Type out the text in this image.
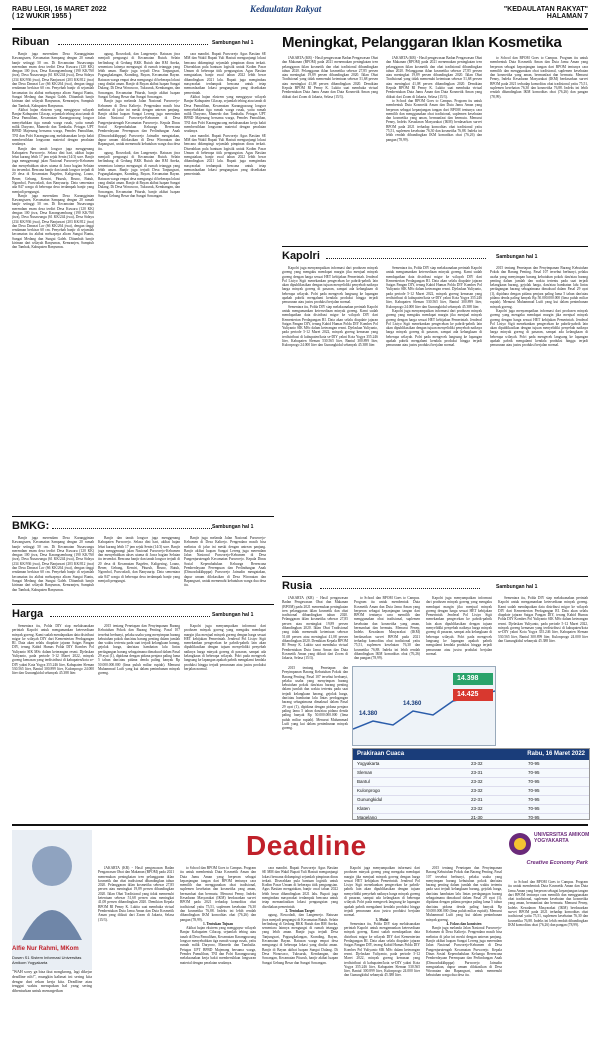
RABU LEGI, 16 MARET 2022
( 12 WUKIR 1955 )
Kedaulatan Rakyat	"KEDAULATAN RAKYAT"
HALAMAN 7
Ribuan	Sambungan hal 1

Banjir juga merendam Desa Karanggintan Kawangsaen, Kecamatan Sampang dengan 20 rumah banjir setinggi 50 cm. Di Kecamatan Nusawungu merendam enam desa terdiri Desa Kuwaru (120 KK) dengan 100 jiwa, Desa Karangsembung (190 KK/760 jiwa), Desa Nusawungu (61 KK/244 jiwa), Desa Sidayu (234 KK/936 jiwa), Desa Banjarsari (203 KK/812 jiwa) dan Desa Danasri Lor (66 KK/264 jiwa), dengan tinggi rendaman berkisar 60 cm. Penyebab banjir di sejumlah kecamatan itu akibat meluapnya aliran Sungai Buntu, Sungai Medang dan Sungai Galeh. Ditambah banjir kiriman dari wilayah Banyumas, Kemranjen, Sumpiuh dan Tambak, Kabupaten Banyumas.

Akibat hujan ekstrem yang mengguyur wilayah Banjar Kabupaten Cilacap, sejumlah tebing atau tanah di Desa Pamulihan, Kecamatan Karangpucung longsor menyebabkan tiga rumah warga rusak, yaitu rumah milik Daryono, Mamedo dan Tamhalia. Petugas UPT BPBD Majenang bersama warga, Pemdes Pamulihan, TNI dan Polri Karangpucung melaksanakan kerja bakti membersihkan longsoran material dengan peralatan seadanya.

Banjir dan tanah longsor juga menggenang Kabupaten Purworejo. Selasa dini hari, akibat hujan lebat kurang lebih 17 jam sejak Senin (14/3) sore. Banjir juga menggenangi jalan Nasional Purworejo-Kebumen dan menyebabkan akses utama di Jawa bagian Selatan itu tersendat. Bencana banjir dan tanah longsor terjadi di 20 desa di Kecamatan Bagelen, Kaligesing, Loano, Bener, Gebang, Kemiri, Pituruh, Bruno, Butuh, Ngombol, Purwodadi, dan Banyuurip. Data sementara ada 847 warga di beberapa desa terdampak banjir yang menjadi pengungsi.

Banjir juga merendam Desa Karanggintan Kawangsaen, Kecamatan Sampang dengan 20 rumah banjir setinggi 50 cm. Di Kecamatan Nusawungu merendam enam desa terdiri Desa Kuwaru (120 KK) dengan 100 jiwa, Desa Karangsembung (190 KK/760 jiwa), Desa Nusawungu (61 KK/244 jiwa), Desa Sidayu (234 KK/936 jiwa), Desa Banjarsari (203 KK/812 jiwa) dan Desa Danasri Lor (66 KK/264 jiwa), dengan tinggi rendaman berkisar 60 cm. Penyebab banjir di sejumlah kecamatan itu akibat meluapnya aliran Sungai Buntu, Sungai Medang dan Sungai Galeh. Ditambah banjir kiriman dari wilayah Banyumas, Kemranjen, Sumpiuh dan Tambak, Kabupaten Banyumas.

agung, Rowodadi, dan Langenrejo. Ratusan jiwa menjadi pengungsi di Kecamatan Butuh. Selain berlindung di Gedung BKK Butuh dan RM Aneka, sementara lainnya mengungsi di rumah tetangga yang lebih aman. Banjir juga terjadi Desa Tanjungsari, Pogungkalangan, Kranding, Bayan, Kecamatan Bayan. Ratusan warga empat desa mengungsi di beberapa lokasi yang dinilai aman. Banjir di Bayan akibat luapan Sungai Dulang. Di Desa Wonosoco, Tuksuruk, Kembangan, dan Sawangan, Kecamatan Pituruh, banjir akibat luapan Sungai Gebang Besar dan Sungai Sawangan.

Banjir juga melanda Jalan Nasional Purworejo-Kebumen di Desa Kalirejo. Pengendara masih bisa melintas di jalur ini meski dengan antrean panjang. Banjir akibat luapan Sungai Lereng juga merendam Jalan Nasional Purworejo-Kebumen di Desa Pangenjurutengah Kecamatan Purworejo. Kepala Dinas Sosial Kependudukan Keluarga Berencana Pemberdayaan Perempuan dan Perlindungan Anak (Dinsosdukkbpppa) Purworejo Jainudin mengatakan, dapur umum dilokasikan di Desa Wironatan dan Bapangsari, untuk memenuhi kebutuhan warga dua desa itu.

agung, Rowodadi, dan Langenrejo. Ratusan jiwa menjadi pengungsi di Kecamatan Butuh. Selain berlindung di Gedung BKK Butuh dan RM Aneka, sementara lainnya mengungsi di rumah tetangga yang lebih aman. Banjir juga terjadi Desa Tanjungsari, Pogungkalangan, Kranding, Bayan, Kecamatan Bayan. Ratusan warga empat desa mengungsi di beberapa lokasi yang dinilai aman. Banjir di Bayan akibat luapan Sungai Dulang. Di Desa Wonosoco, Tuksuruk, Kembangan, dan Sawangan, Kecamatan Pituruh, banjir akibat luapan Sungai Gebang Besar dan Sungai Sawangan.

cara mandiri. Bupati Purworejo Agus Bastian SE MM dan Wakil Bupati Yuli Hastuti mengunjungi lokasi bencana didampingi sejumlah pimpinan dinas terkait. Diserahkan pula bantuan logistik untuk Kodim Pasar Umum di beberapa titik pengungsian. Agus Bastian mengatakan, banjir awal tahun 2022 lebih besar dibandingkan 2021 lalu. Bupati juga mengimbau masyarakat terdampak bencana untuk tetap memanfaatkan lokasi pengungsian yang disediakan pemerintah.

Akibat hujan ekstrem yang mengguyur wilayah Banjar Kabupaten Cilacap, sejumlah tebing atau tanah di Desa Pamulihan, Kecamatan Karangpucung longsor menyebabkan tiga rumah warga rusak, yaitu rumah milik Daryono, Mamedo dan Tamhalia. Petugas UPT BPBD Majenang bersama warga, Pemdes Pamulihan, TNI dan Polri Karangpucung melaksanakan kerja bakti membersihkan longsoran material dengan peralatan seadanya.

cara mandiri. Bupati Purworejo Agus Bastian SE MM dan Wakil Bupati Yuli Hastuti mengunjungi lokasi bencana didampingi sejumlah pimpinan dinas terkait. Diserahkan pula bantuan logistik untuk Kodim Pasar Umum di beberapa titik pengungsian. Agus Bastian mengatakan, banjir awal tahun 2022 lebih besar dibandingkan 2021 lalu. Bupati juga mengimbau masyarakat terdampak bencana untuk tetap memanfaatkan lokasi pengungsian yang disediakan pemerintah.

Meningkat, Pelanggaran Iklan Kosmetika

JAKARTA (KR) - Hasil pengawasan Badan Pengawasan Obat dan Makanan (BPOM) pada 2021 menemukan peningkatan tren pelanggaran iklan kosmetik dan obat tradisional dibandingkan tahun 2020. Pelanggaran iklan kosmetika sebesar 27,85 persen atau meningkat 19,89 persen dibandingkan 2020. Iklan Obat Tradisional yang tidak memenuhi ketentuan sebesar 51,68 persen atau meningkat 41,08 persen dibandingkan 2020. Demikian Kepala BPOM RI Penny K. Lukito saat membuka virtual Pembentukan Duta Jamu Aman dan Duta Kosmetik Aman yang diikuti dari Zoom di Jakarta, Selasa (15/3).

JAKARTA (KR) - Hasil pengawasan Badan Pengawasan Obat dan Makanan (BPOM) pada 2021 menemukan peningkatan tren pelanggaran iklan kosmetik dan obat tradisional dibandingkan tahun 2020. Pelanggaran iklan kosmetika sebesar 27,85 persen atau meningkat 19,89 persen dibandingkan 2020. Iklan Obat Tradisional yang tidak memenuhi ketentuan sebesar 51,68 persen atau meningkat 41,08 persen dibandingkan 2020. Demikian Kepala BPOM RI Penny K. Lukito saat membuka virtual Pembentukan Duta Jamu Aman dan Duta Kosmetik Aman yang diikuti dari Zoom di Jakarta, Selasa (15/3).

to School dan BPOM Goes to Campus. Program itu untuk membentuk Duta Kosmetik Aman dan Duta Jamu Aman yang berperan sebagai kepanjangan tangan dari BPOM tentunya cara memilih dan menggunakan obat tradisional, suplemen kesehatan dan kosmetika yang aman, bermanfaat dan bermutu. Menurut Penny, Indeks Kesadaran Masyarakat (IKM) berdasarkan survei BPOM pada 2021 terhadap komoditas obat tradisional yaitu 75,51, suplemen kesehatan 76,30 dan kosmetika 76,88. Indeks ini lebih rendah dibandingkan IKM komoditas obat (76,26) dan pangan (78,99).

to School dan BPOM Goes to Campus. Program itu untuk membentuk Duta Kosmetik Aman dan Duta Jamu Aman yang berperan sebagai kepanjangan tangan dari BPOM tentunya cara memilih dan menggunakan obat tradisional, suplemen kesehatan dan kosmetika yang aman, bermanfaat dan bermutu. Menurut Penny, Indeks Kesadaran Masyarakat (IKM) berdasarkan survei BPOM pada 2021 terhadap komoditas obat tradisional yaitu 75,51, suplemen kesehatan 76,30 dan kosmetika 76,88. Indeks ini lebih rendah dibandingkan IKM komoditas obat (76,26) dan pangan (78,99).

Kapolri	Sambungan hal 1

Kapolri juga menyampaikan informasi dari produsen minyak goreng yang mengaku mendapat margin jika menjual minyak goreng dengan harga sesuai HET kebijakan Pemerintah. Jenderal Pol Listyo Sigit menekankan pengecekan ke pabrik-pabrik lain akan dipublikasikan dengan tujuan menyelidiki penyebab naiknya harga minyak goreng di pasaran, sampai ada kelangkaan di beberapa wilayah. Polri pada mengecek langsung ke lapangan apakah pabrik mengalami kendala produksi hingga terjadi penurunan atau justru produksi berjalan normal.

Sementara itu, Polda DIY siap melaksanakan perintah Kapolri untuk mengamankan ketersediaan minyak goreng. Kami sudah mendapatkan data distribusi migor ke wilayah DIY dari Kementerian Perdagangan RI. Data akan selalu diupdate jajaran Satgas Pangan DIY, terang Kabid Humas Polda DIY Kombes Pol Yuliyanto SIK MSc dalam keterangan resmi. Djelaskan Yuliyanto, pada periode 5-12 Maret 2022, minyak goreng kemasan yang terdistribusi di kabupaten/kota se-DIY yakni Kota Yogya 355.246 liter, Kabupaten Sleman 530.565 liter, Bantul 300.899 liter, Kulonprogo 24.000 liter dan Gunungkidul sebanyak 45.388 liter.

Sementara itu, Polda DIY siap melaksanakan perintah Kapolri untuk mengamankan ketersediaan minyak goreng. Kami sudah mendapatkan data distribusi migor ke wilayah DIY dari Kementerian Perdagangan RI. Data akan selalu diupdate jajaran Satgas Pangan DIY, terang Kabid Humas Polda DIY Kombes Pol Yuliyanto SIK MSc dalam keterangan resmi. Djelaskan Yuliyanto, pada periode 5-12 Maret 2022, minyak goreng kemasan yang terdistribusi di kabupaten/kota se-DIY yakni Kota Yogya 355.246 liter, Kabupaten Sleman 530.565 liter, Bantul 300.899 liter, Kulonprogo 24.000 liter dan Gunungkidul sebanyak 45.388 liter.

Kapolri juga menyampaikan informasi dari produsen minyak goreng yang mengaku mendapat margin jika menjual minyak goreng dengan harga sesuai HET kebijakan Pemerintah. Jenderal Pol Listyo Sigit menekankan pengecekan ke pabrik-pabrik lain akan dipublikasikan dengan tujuan menyelidiki penyebab naiknya harga minyak goreng di pasaran, sampai ada kelangkaan di beberapa wilayah. Polri pada mengecek langsung ke lapangan apakah pabrik mengalami kendala produksi hingga terjadi penurunan atau justru produksi berjalan normal.

2015 tentang Penetapan dan Penyimpanan Barang Kebutuhan Pokok dan Barang Penting. Pasal 107 tersebut berbunyi, pelaku usaha yang menyimpan barang kebutuhan pokok dan/atau barang penting dalam jumlah dan waktu tertentu pada saat terjadi kelangkaan barang, gejolak harga, dan/atau hambatan lalu lintas perdagangan barang sebagaimana dimaksud dalam Pasal 29 ayat (1), dipidana dengan pidana penjara paling lama 5 tahun dan/atau pidana denda paling banyak Rp 50.000.000.000 (lima puluh miliar rupiah). Menurut Muhammad Lutfi yang kui dalam penimbunan minyak goreng.

Kapolri juga menyampaikan informasi dari produsen minyak goreng yang mengaku mendapat margin jika menjual minyak goreng dengan harga sesuai HET kebijakan Pemerintah. Jenderal Pol Listyo Sigit menekankan pengecekan ke pabrik-pabrik lain akan dipublikasikan dengan tujuan menyelidiki penyebab naiknya harga minyak goreng di pasaran, sampai ada kelangkaan di beberapa wilayah. Polri pada mengecek langsung ke lapangan apakah pabrik mengalami kendala produksi hingga terjadi penurunan atau justru produksi berjalan normal.

BMKG:	Sambungan hal 1

Banjir juga merendam Desa Karanggintan Kawangsaen, Kecamatan Sampang dengan 20 rumah banjir setinggi 50 cm. Di Kecamatan Nusawungu merendam enam desa terdiri Desa Kuwaru (120 KK) dengan 100 jiwa, Desa Karangsembung (190 KK/760 jiwa), Desa Nusawungu (61 KK/244 jiwa), Desa Sidayu (234 KK/936 jiwa), Desa Banjarsari (203 KK/812 jiwa) dan Desa Danasri Lor (66 KK/264 jiwa), dengan tinggi rendaman berkisar 60 cm. Penyebab banjir di sejumlah kecamatan itu akibat meluapnya aliran Sungai Buntu, Sungai Medang dan Sungai Galeh. Ditambah banjir kiriman dari wilayah Banyumas, Kemranjen, Sumpiuh dan Tambak, Kabupaten Banyumas.

Banjir dan tanah longsor juga menggenang Kabupaten Purworejo. Selasa dini hari, akibat hujan lebat kurang lebih 17 jam sejak Senin (14/3) sore. Banjir juga menggenangi jalan Nasional Purworejo-Kebumen dan menyebabkan akses utama di Jawa bagian Selatan itu tersendat. Bencana banjir dan tanah longsor terjadi di 20 desa di Kecamatan Bagelen, Kaligesing, Loano, Bener, Gebang, Kemiri, Pituruh, Bruno, Butuh, Ngombol, Purwodadi, dan Banyuurip. Data sementara ada 847 warga di beberapa desa terdampak banjir yang menjadi pengungsi.

Banjir juga melanda Jalan Nasional Purworejo-Kebumen di Desa Kalirejo. Pengendara masih bisa melintas di jalur ini meski dengan antrean panjang. Banjir akibat luapan Sungai Lereng juga merendam Jalan Nasional Purworejo-Kebumen di Desa Pangenjurutengah Kecamatan Purworejo. Kepala Dinas Sosial Kependudukan Keluarga Berencana Pemberdayaan Perempuan dan Perlindungan Anak (Dinsosdukkbpppa) Purworejo Jainudin mengatakan, dapur umum dilokasikan di Desa Wironatan dan Bapangsari, untuk memenuhi kebutuhan warga dua desa itu.

Harga	Sambungan hal 1

Sementara itu, Polda DIY siap melaksanakan perintah Kapolri untuk mengamankan ketersediaan minyak goreng. Kami sudah mendapatkan data distribusi migor ke wilayah DIY dari Kementerian Perdagangan RI. Data akan selalu diupdate jajaran Satgas Pangan DIY, terang Kabid Humas Polda DIY Kombes Pol Yuliyanto SIK MSc dalam keterangan resmi. Djelaskan Yuliyanto, pada periode 5-12 Maret 2022, minyak goreng kemasan yang terdistribusi di kabupaten/kota se-DIY yakni Kota Yogya 355.246 liter, Kabupaten Sleman 530.565 liter, Bantul 300.899 liter, Kulonprogo 24.000 liter dan Gunungkidul sebanyak 45.388 liter.

2015 tentang Penetapan dan Penyimpanan Barang Kebutuhan Pokok dan Barang Penting. Pasal 107 tersebut berbunyi, pelaku usaha yang menyimpan barang kebutuhan pokok dan/atau barang penting dalam jumlah dan waktu tertentu pada saat terjadi kelangkaan barang, gejolak harga, dan/atau hambatan lalu lintas perdagangan barang sebagaimana dimaksud dalam Pasal 29 ayat (1), dipidana dengan pidana penjara paling lama 5 tahun dan/atau pidana denda paling banyak Rp 50.000.000.000 (lima puluh miliar rupiah). Menurut Muhammad Lutfi yang kui dalam penimbunan minyak goreng.

Kapolri juga menyampaikan informasi dari produsen minyak goreng yang mengaku mendapat margin jika menjual minyak goreng dengan harga sesuai HET kebijakan Pemerintah. Jenderal Pol Listyo Sigit menekankan pengecekan ke pabrik-pabrik lain akan dipublikasikan dengan tujuan menyelidiki penyebab naiknya harga minyak goreng di pasaran, sampai ada kelangkaan di beberapa wilayah. Polri pada mengecek langsung ke lapangan apakah pabrik mengalami kendala produksi hingga terjadi penurunan atau justru produksi berjalan normal.

Rusia	Sambungan hal 1

JAKARTA (KR) - Hasil pengawasan Badan Pengawasan Obat dan Makanan (BPOM) pada 2021 menemukan peningkatan tren pelanggaran iklan kosmetik dan obat tradisional dibandingkan tahun 2020. Pelanggaran iklan kosmetika sebesar 27,85 persen atau meningkat 19,89 persen dibandingkan 2020. Iklan Obat Tradisional yang tidak memenuhi ketentuan sebesar 51,68 persen atau meningkat 41,08 persen dibandingkan 2020. Demikian Kepala BPOM RI Penny K. Lukito saat membuka virtual Pembentukan Duta Jamu Aman dan Duta Kosmetik Aman yang diikuti dari Zoom di Jakarta, Selasa (15/3).

to School dan BPOM Goes to Campus. Program itu untuk membentuk Duta Kosmetik Aman dan Duta Jamu Aman yang berperan sebagai kepanjangan tangan dari BPOM tentunya cara memilih dan menggunakan obat tradisional, suplemen kesehatan dan kosmetika yang aman, bermanfaat dan bermutu. Menurut Penny, Indeks Kesadaran Masyarakat (IKM) berdasarkan survei BPOM pada 2021 terhadap komoditas obat tradisional yaitu 75,51, suplemen kesehatan 76,30 dan kosmetika 76,88. Indeks ini lebih rendah dibandingkan IKM komoditas obat (76,26) dan pangan (78,99).

Kapolri juga menyampaikan informasi dari produsen minyak goreng yang mengaku mendapat margin jika menjual minyak goreng dengan harga sesuai HET kebijakan Pemerintah. Jenderal Pol Listyo Sigit menekankan pengecekan ke pabrik-pabrik lain akan dipublikasikan dengan tujuan menyelidiki penyebab naiknya harga minyak goreng di pasaran, sampai ada kelangkaan di beberapa wilayah. Polri pada mengecek langsung ke lapangan apakah pabrik mengalami kendala produksi hingga terjadi penurunan atau justru produksi berjalan normal.

Sementara itu, Polda DIY siap melaksanakan perintah Kapolri untuk mengamankan ketersediaan minyak goreng. Kami sudah mendapatkan data distribusi migor ke wilayah DIY dari Kementerian Perdagangan RI. Data akan selalu diupdate jajaran Satgas Pangan DIY, terang Kabid Humas Polda DIY Kombes Pol Yuliyanto SIK MSc dalam keterangan resmi. Djelaskan Yuliyanto, pada periode 5-12 Maret 2022, minyak goreng kemasan yang terdistribusi di kabupaten/kota se-DIY yakni Kota Yogya 355.246 liter, Kabupaten Sleman 530.565 liter, Bantul 300.899 liter, Kulonprogo 24.000 liter dan Gunungkidul sebanyak 45.388 liter.

2015 tentang Penetapan dan Penyimpanan Barang Kebutuhan Pokok dan Barang Penting. Pasal 107 tersebut berbunyi, pelaku usaha yang menyimpan barang kebutuhan pokok dan/atau barang penting dalam jumlah dan waktu tertentu pada saat terjadi kelangkaan barang, gejolak harga, dan/atau hambatan lalu lintas perdagangan barang sebagaimana dimaksud dalam Pasal 29 ayat (1), dipidana dengan pidana penjara paling lama 5 tahun dan/atau pidana denda paling banyak Rp 50.000.000.000 (lima puluh miliar rupiah). Menurut Muhammad Lutfi yang kui dalam penimbunan minyak goreng.

14.398
14.425
14.380
14.360
Prakiraan Cuaca	Rabu, 16 Maret 2022
Yogyakarta	23-32	70-95
Sleman	23-31	70-95
Bantul	23-32	70-95
Kulonprogo	23-32	70-95
Gunungkidul	22-31	70-95
Klaten	23-32	70-95
Magelang	21-30	70-95
Alfie Nur Rahmi, MKom
Dosen S1 Sistem Informasi Universitas Amikom Yogyakarta
"WAH sorry ga bisa ikut nongkrong, lagi dikejar deadline nih!", mungkin kalimat ini sering kita dengar dari rekan kerja kita. Deadline atau tenggat waktu merupakan hal yang sering dibenturkan untuk menargetkan
Deadline

JAKARTA (KR) - Hasil pengawasan Badan Pengawasan Obat dan Makanan (BPOM) pada 2021 menemukan peningkatan tren pelanggaran iklan kosmetik dan obat tradisional dibandingkan tahun 2020. Pelanggaran iklan kosmetika sebesar 27,85 persen atau meningkat 19,89 persen dibandingkan 2020. Iklan Obat Tradisional yang tidak memenuhi ketentuan sebesar 51,68 persen atau meningkat 41,08 persen dibandingkan 2020. Demikian Kepala BPOM RI Penny K. Lukito saat membuka virtual Pembentukan Duta Jamu Aman dan Duta Kosmetik Aman yang diikuti dari Zoom di Jakarta, Selasa (15/3).

to School dan BPOM Goes to Campus. Program itu untuk membentuk Duta Kosmetik Aman dan Duta Jamu Aman yang berperan sebagai kepanjangan tangan dari BPOM tentunya cara memilih dan menggunakan obat tradisional, suplemen kesehatan dan kosmetika yang aman, bermanfaat dan bermutu. Menurut Penny, Indeks Kesadaran Masyarakat (IKM) berdasarkan survei BPOM pada 2021 terhadap komoditas obat tradisional yaitu 75,51, suplemen kesehatan 76,30 dan kosmetika 76,88. Indeks ini lebih rendah dibandingkan IKM komoditas obat (76,26) dan pangan (78,99).

1. Tentukan Tujuan

Akibat hujan ekstrem yang mengguyur wilayah Banjar Kabupaten Cilacap, sejumlah tebing atau tanah di Desa Pamulihan, Kecamatan Karangpucung longsor menyebabkan tiga rumah warga rusak, yaitu rumah milik Daryono, Mamedo dan Tamhalia. Petugas UPT BPBD Majenang bersama warga, Pemdes Pamulihan, TNI dan Polri Karangpucung melaksanakan kerja bakti membersihkan longsoran material dengan peralatan seadanya.

cara mandiri. Bupati Purworejo Agus Bastian SE MM dan Wakil Bupati Yuli Hastuti mengunjungi lokasi bencana didampingi sejumlah pimpinan dinas terkait. Diserahkan pula bantuan logistik untuk Kodim Pasar Umum di beberapa titik pengungsian. Agus Bastian mengatakan, banjir awal tahun 2022 lebih besar dibandingkan 2021 lalu. Bupati juga mengimbau masyarakat terdampak bencana untuk tetap memanfaatkan lokasi pengungsian yang disediakan pemerintah.

2. Tentukan Target

agung, Rowodadi, dan Langenrejo. Ratusan jiwa menjadi pengungsi di Kecamatan Butuh. Selain berlindung di Gedung BKK Butuh dan RM Aneka, sementara lainnya mengungsi di rumah tetangga yang lebih aman. Banjir juga terjadi Desa Tanjungsari, Pogungkalangan, Kranding, Bayan, Kecamatan Bayan. Ratusan warga empat desa mengungsi di beberapa lokasi yang dinilai aman. Banjir di Bayan akibat luapan Sungai Dulang. Di Desa Wonosoco, Tuksuruk, Kembangan, dan Sawangan, Kecamatan Pituruh, banjir akibat luapan Sungai Gebang Besar dan Sungai Sawangan.

Kapolri juga menyampaikan informasi dari produsen minyak goreng yang mengaku mendapat margin jika menjual minyak goreng dengan harga sesuai HET kebijakan Pemerintah. Jenderal Pol Listyo Sigit menekankan pengecekan ke pabrik-pabrik lain akan dipublikasikan dengan tujuan menyelidiki penyebab naiknya harga minyak goreng di pasaran, sampai ada kelangkaan di beberapa wilayah. Polri pada mengecek langsung ke lapangan apakah pabrik mengalami kendala produksi hingga terjadi penurunan atau justru produksi berjalan normal.

3. Mulai

Sementara itu, Polda DIY siap melaksanakan perintah Kapolri untuk mengamankan ketersediaan minyak goreng. Kami sudah mendapatkan data distribusi migor ke wilayah DIY dari Kementerian Perdagangan RI. Data akan selalu diupdate jajaran Satgas Pangan DIY, terang Kabid Humas Polda DIY Kombes Pol Yuliyanto SIK MSc dalam keterangan resmi. Djelaskan Yuliyanto, pada periode 5-12 Maret 2022, minyak goreng kemasan yang terdistribusi di kabupaten/kota se-DIY yakni Kota Yogya 355.246 liter, Kabupaten Sleman 530.565 liter, Bantul 300.899 liter, Kulonprogo 24.000 liter dan Gunungkidul sebanyak 45.388 liter.

2015 tentang Penetapan dan Penyimpanan Barang Kebutuhan Pokok dan Barang Penting. Pasal 107 tersebut berbunyi, pelaku usaha yang menyimpan barang kebutuhan pokok dan/atau barang penting dalam jumlah dan waktu tertentu pada saat terjadi kelangkaan barang, gejolak harga, dan/atau hambatan lalu lintas perdagangan barang sebagaimana dimaksud dalam Pasal 29 ayat (1), dipidana dengan pidana penjara paling lama 5 tahun dan/atau pidana denda paling banyak Rp 50.000.000.000 (lima puluh miliar rupiah). Menurut Muhammad Lutfi yang kui dalam penimbunan minyak goreng.

4. Fokus dan konsisten

Banjir juga melanda Jalan Nasional Purworejo-Kebumen di Desa Kalirejo. Pengendara masih bisa melintas di jalur ini meski dengan antrean panjang. Banjir akibat luapan Sungai Lereng juga merendam Jalan Nasional Purworejo-Kebumen di Desa Pangenjurutengah Kecamatan Purworejo. Kepala Dinas Sosial Kependudukan Keluarga Berencana Pemberdayaan Perempuan dan Perlindungan Anak (Dinsosdukkbpppa) Purworejo Jainudin mengatakan, dapur umum dilokasikan di Desa Wironatan dan Bapangsari, untuk memenuhi kebutuhan warga dua desa itu.

UNIVERSITAS AMIKOM YOGYAKARTA
Creative Economy Park

to School dan BPOM Goes to Campus. Program itu untuk membentuk Duta Kosmetik Aman dan Duta Jamu Aman yang berperan sebagai kepanjangan tangan dari BPOM tentunya cara memilih dan menggunakan obat tradisional, suplemen kesehatan dan kosmetika yang aman, bermanfaat dan bermutu. Menurut Penny, Indeks Kesadaran Masyarakat (IKM) berdasarkan survei BPOM pada 2021 terhadap komoditas obat tradisional yaitu 75,51, suplemen kesehatan 76,30 dan kosmetika 76,88. Indeks ini lebih rendah dibandingkan IKM komoditas obat (76,26) dan pangan (78,99).
